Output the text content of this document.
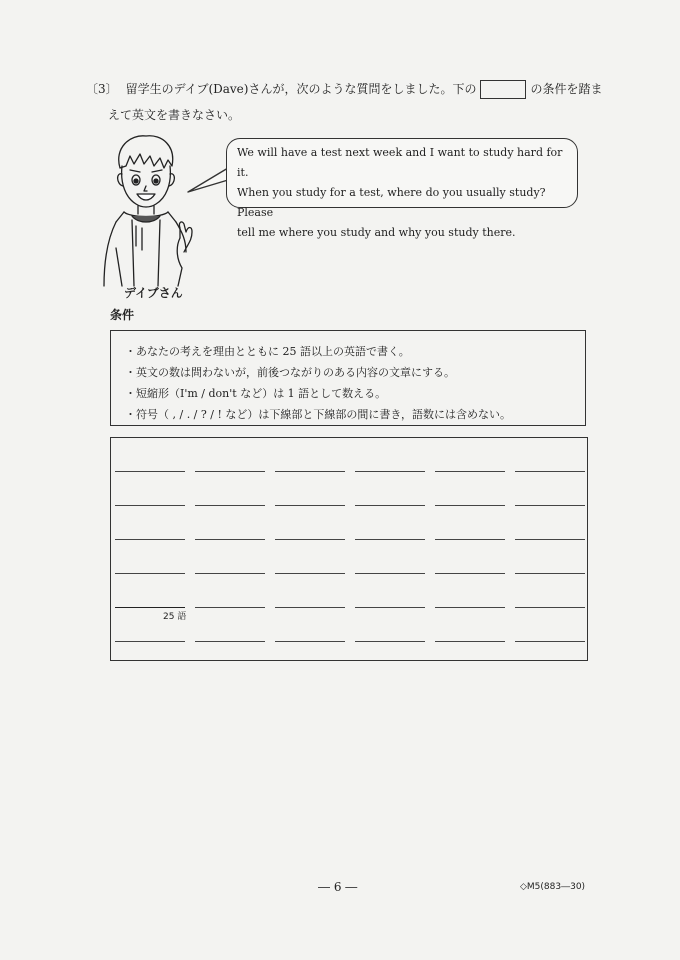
〔3〕 留学生のデイブ(Dave)さんが，次のような質問をしました。下の	の条件を踏ま
えて英文を書きなさい。
We will have a test next week and I want to study hard for it.
When you study for a test, where do you usually study? Please
tell me where you study and why you study there.
デイブさん
条件
・あなたの考えを理由とともに 25 語以上の英語で書く。
・英文の数は問わないが，前後つながりのある内容の文章にする。
・短縮形（I'm / don't など）は 1 語として数える。
・符号（ , / . / ? / ! など）は下線部と下線部の間に書き，語数には含めない。
25 語
― 6 ―	◇M5(883―30)
